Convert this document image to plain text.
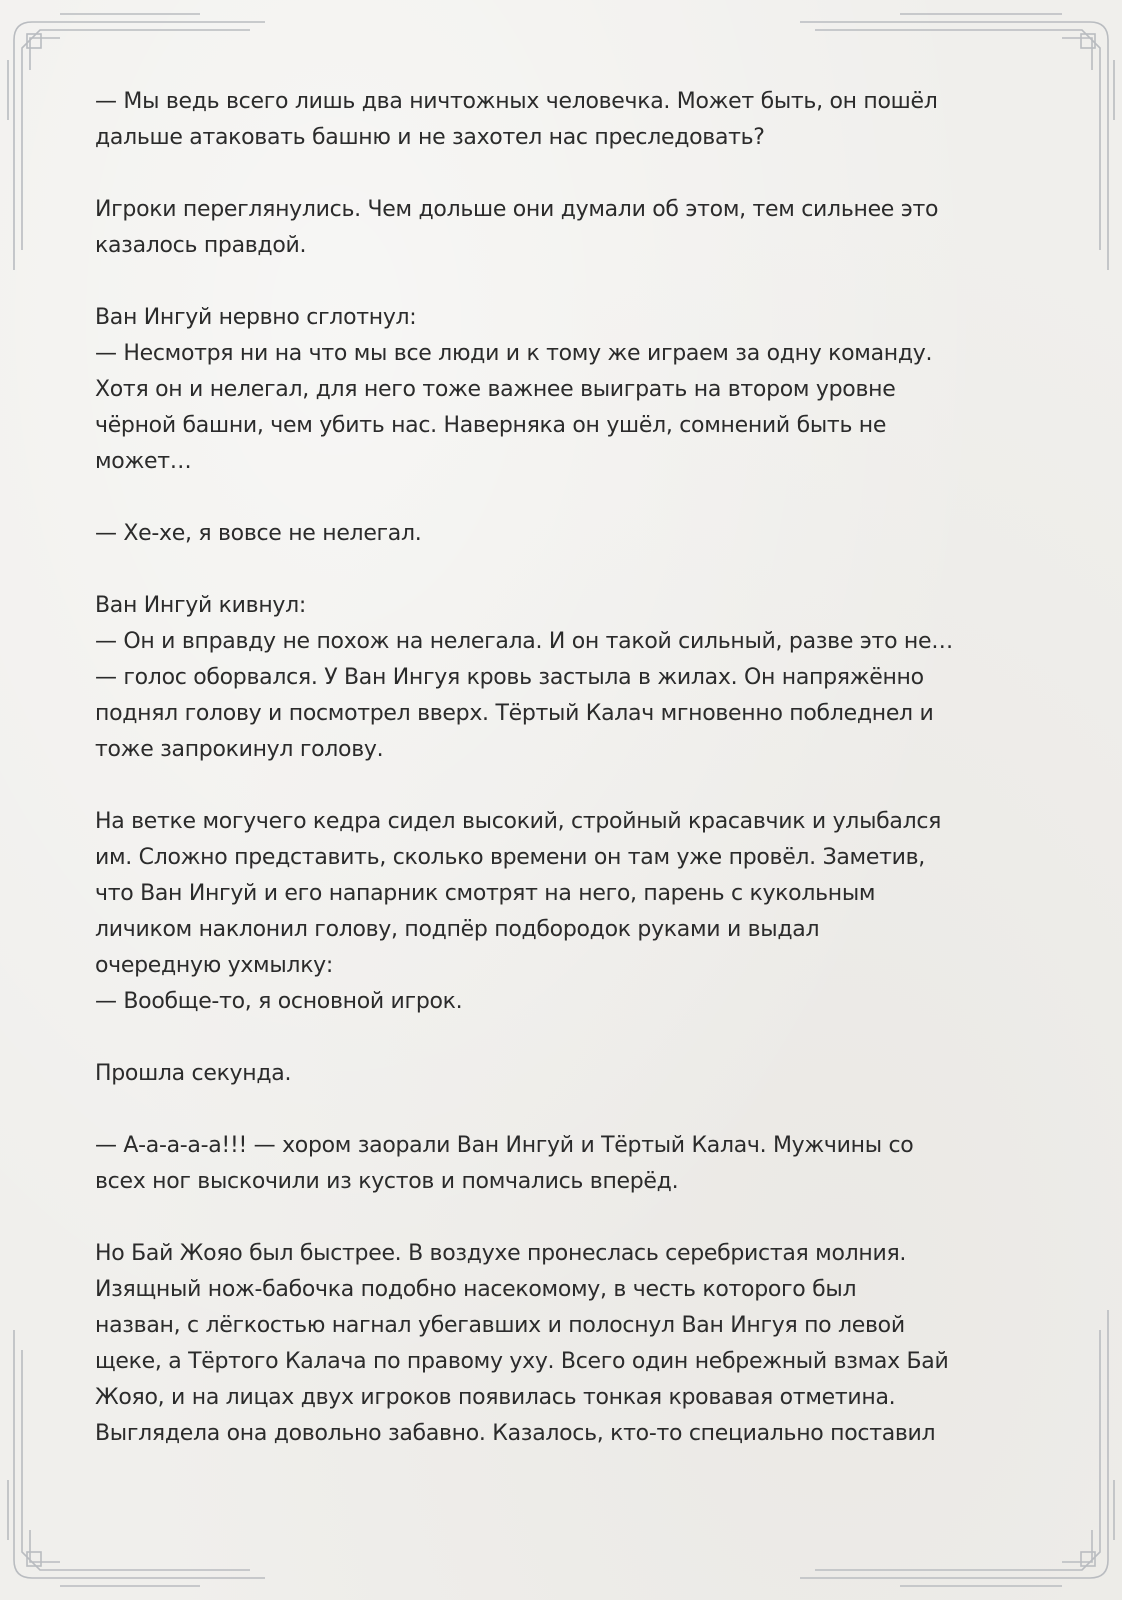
— Мы ведь всего лишь два ничтожных человечка. Может быть, он пошёл
дальше атаковать башню и не захотел нас преследовать?

Игроки переглянулись. Чем дольше они думали об этом, тем сильнее это
казалось правдой.

Ван Ингуй нервно сглотнул:
— Несмотря ни на что мы все люди и к тому же играем за одну команду.
Хотя он и нелегал, для него тоже важнее выиграть на втором уровне
чёрной башни, чем убить нас. Наверняка он ушёл, сомнений быть не
может…

— Хе-хе, я вовсе не нелегал.

Ван Ингуй кивнул:
— Он и вправду не похож на нелегала. И он такой сильный, разве это не…
— голос оборвался. У Ван Ингуя кровь застыла в жилах. Он напряжённо
поднял голову и посмотрел вверх. Тёртый Калач мгновенно побледнел и
тоже запрокинул голову.

На ветке могучего кедра сидел высокий, стройный красавчик и улыбался
им. Сложно представить, сколько времени он там уже провёл. Заметив,
что Ван Ингуй и его напарник смотрят на него, парень с кукольным
личиком наклонил голову, подпёр подбородок руками и выдал
очередную ухмылку:
— Вообще-то, я основной игрок.

Прошла секунда.

— А-а-а-а-а!!! — хором заорали Ван Ингуй и Тёртый Калач. Мужчины со
всех ног выскочили из кустов и помчались вперёд.

Но Бай Жояо был быстрее. В воздухе пронеслась серебристая молния.
Изящный нож-бабочка подобно насекомому, в честь которого был
назван, с лёгкостью нагнал убегавших и полоснул Ван Ингуя по левой
щеке, а Тёртого Калача по правому уху. Всего один небрежный взмах Бай
Жояо, и на лицах двух игроков появилась тонкая кровавая отметина.
Выглядела она довольно забавно. Казалось, кто-то специально поставил
